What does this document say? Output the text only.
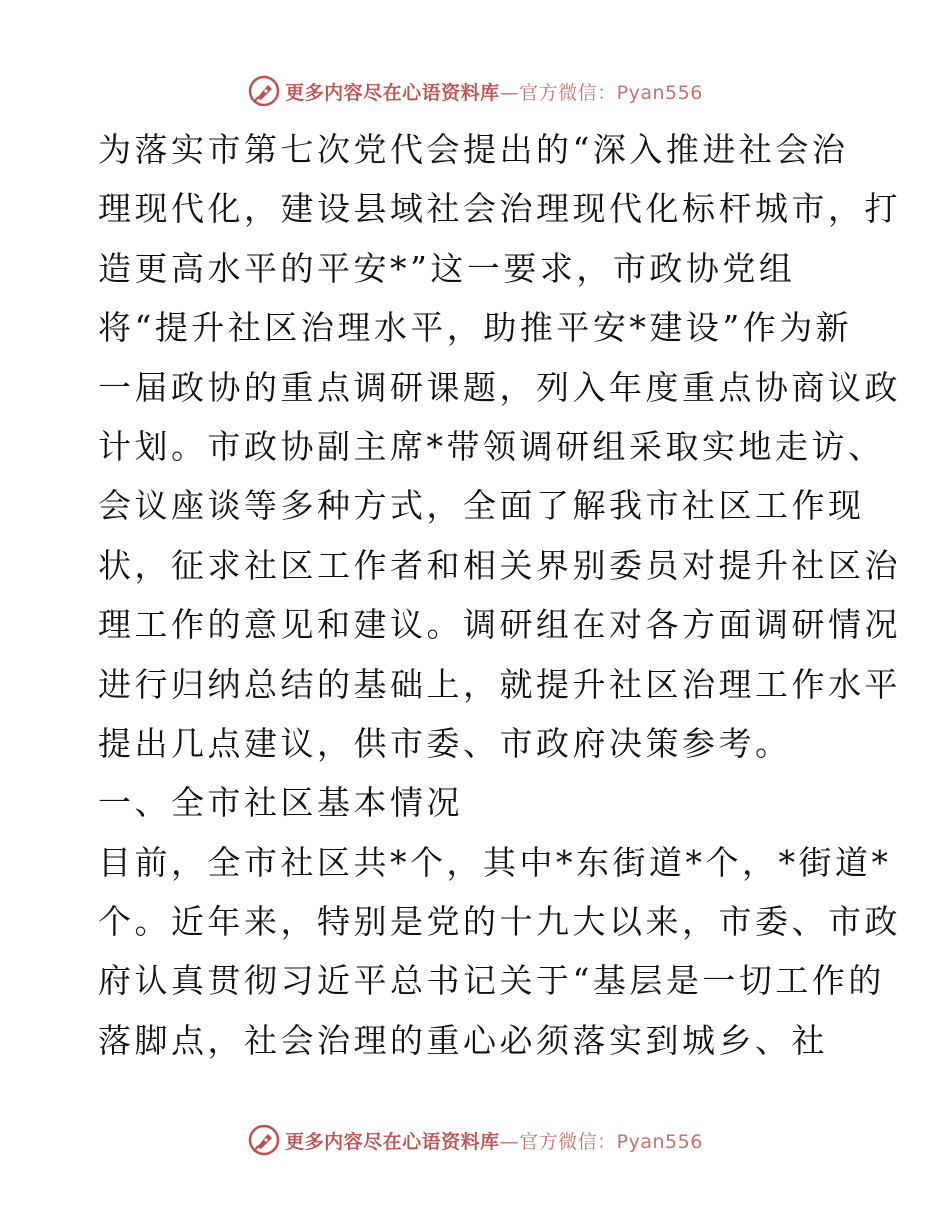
更多内容尽在心语资料库—官方微信：Pyan556
为落实市第七次党代会提出的“深入推进社会治
理现代化，建设县域社会治理现代化标杆城市，打
造更高水平的平安*”这一要求，市政协党组
将“提升社区治理水平，助推平安*建设”作为新
一届政协的重点调研课题，列入年度重点协商议政
计划。市政协副主席*带领调研组采取实地走访、
会议座谈等多种方式，全面了解我市社区工作现
状，征求社区工作者和相关界别委员对提升社区治
理工作的意见和建议。调研组在对各方面调研情况
进行归纳总结的基础上，就提升社区治理工作水平
提出几点建议，供市委、市政府决策参考。
一、全市社区基本情况
目前，全市社区共*个，其中*东街道*个，*街道*
个。近年来，特别是党的十九大以来，市委、市政
府认真贯彻习近平总书记关于“基层是一切工作的
落脚点，社会治理的重心必须落实到城乡、社
更多内容尽在心语资料库—官方微信：Pyan556
